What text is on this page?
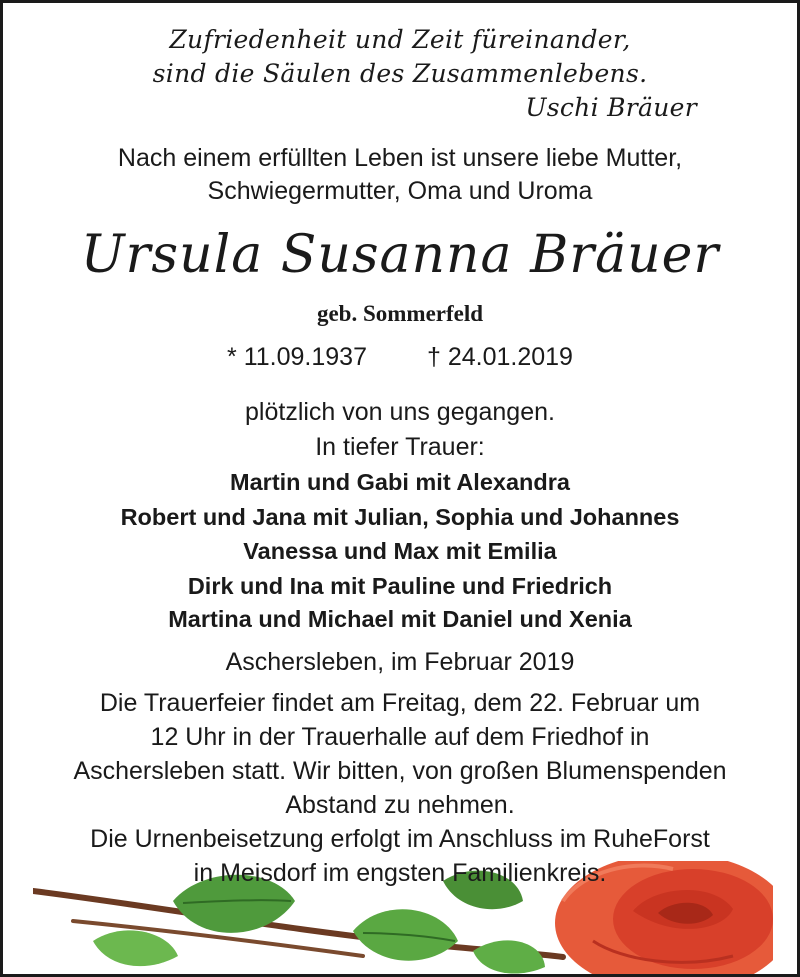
Zufriedenheit und Zeit füreinander,
sind die Säulen des Zusammenlebens.
Uschi Bräuer
Nach einem erfüllten Leben ist unsere liebe Mutter,
Schwiegermutter, Oma und Uroma
Ursula Susanna Bräuer
geb. Sommerfeld
* 11.09.1937 † 24.01.2019
plötzlich von uns gegangen.
In tiefer Trauer:
Martin und Gabi mit Alexandra
Robert und Jana mit Julian, Sophia und Johannes
Vanessa und Max mit Emilia
Dirk und Ina mit Pauline und Friedrich
Martina und Michael mit Daniel und Xenia
Aschersleben, im Februar 2019
Die Trauerfeier findet am Freitag, dem 22. Februar um
12 Uhr in der Trauerhalle auf dem Friedhof in
Aschersleben statt. Wir bitten, von großen Blumenspenden
Abstand zu nehmen.
Die Urnenbeisetzung erfolgt im Anschluss im RuheForst
in Meisdorf im engsten Familienkreis.
